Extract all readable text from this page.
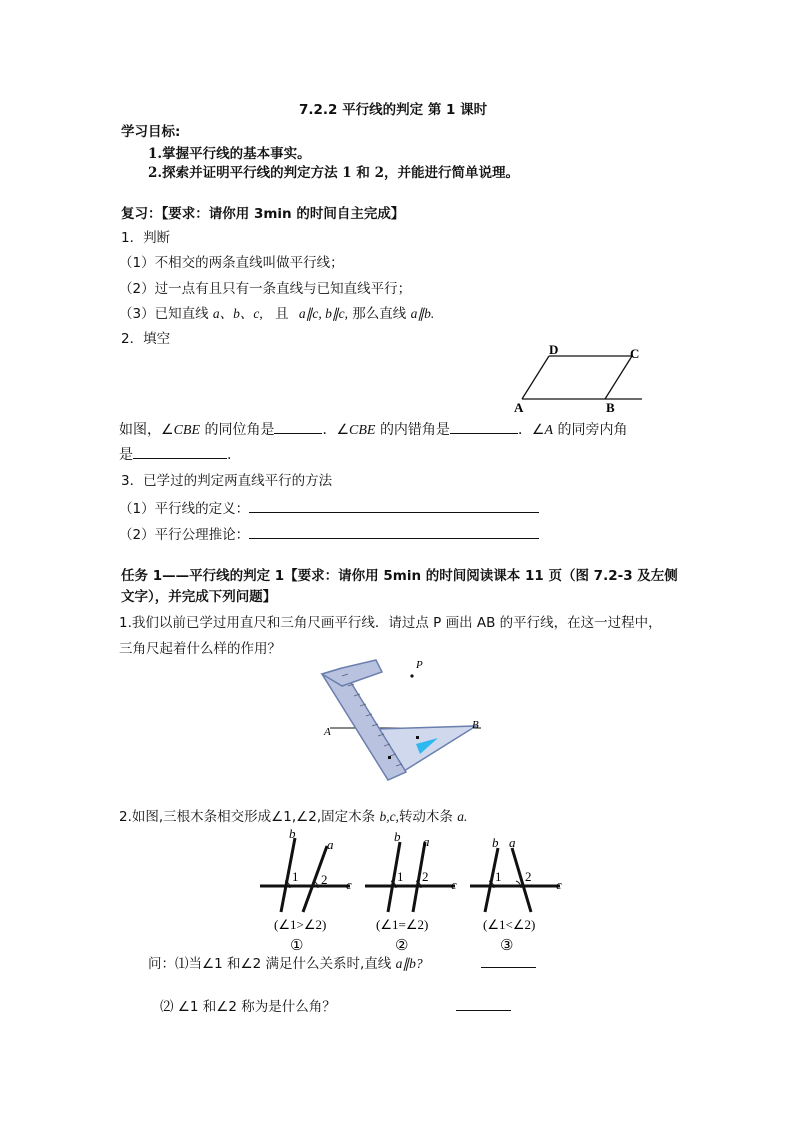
7.2.2 平行线的判定 第 1 课时
学习目标:
1.掌握平行线的基本事实。
2.探索并证明平行线的判定方法 1 和 2，并能进行简单说理。
复习：【要求：请你用 3min 的时间自主完成】
1．判断
（1）不相交的两条直线叫做平行线；
（2）过一点有且只有一条直线与已知直线平行；
（3）已知直线 a、b、c, 且 a∥c, b∥c, 那么直线 a∥b.
2．填空
A	B
C
D
如图，∠CBE 的同位角是	．∠CBE 的内错角是	．∠A 的同旁内角
是	.
3．已学过的判定两直线平行的方法
（1）平行线的定义：
（2）平行公理推论：
任务 1——平行线的判定 1【要求：请你用 5min 的时间阅读课本 11 页（图 7.2-3 及左侧
文字），并完成下列问题】
1.我们以前已学过用直尺和三角尺画平行线．请过点 P 画出 AB 的平行线，在这一过程中，
三角尺起着什么样的作用？
P
A
B
2.如图,三根木条相交形成∠1,∠2,固定木条 b,c,转动木条 a.
b
a
c
1 2
(∠1>∠2)
①
b a
c
1 2
(∠1=∠2)
②
b a
c
1 2
(∠1<∠2)
③
问：⑴当∠1 和∠2 满足什么关系时,直线 a∥b?
⑵ ∠1 和∠2 称为是什么角？
